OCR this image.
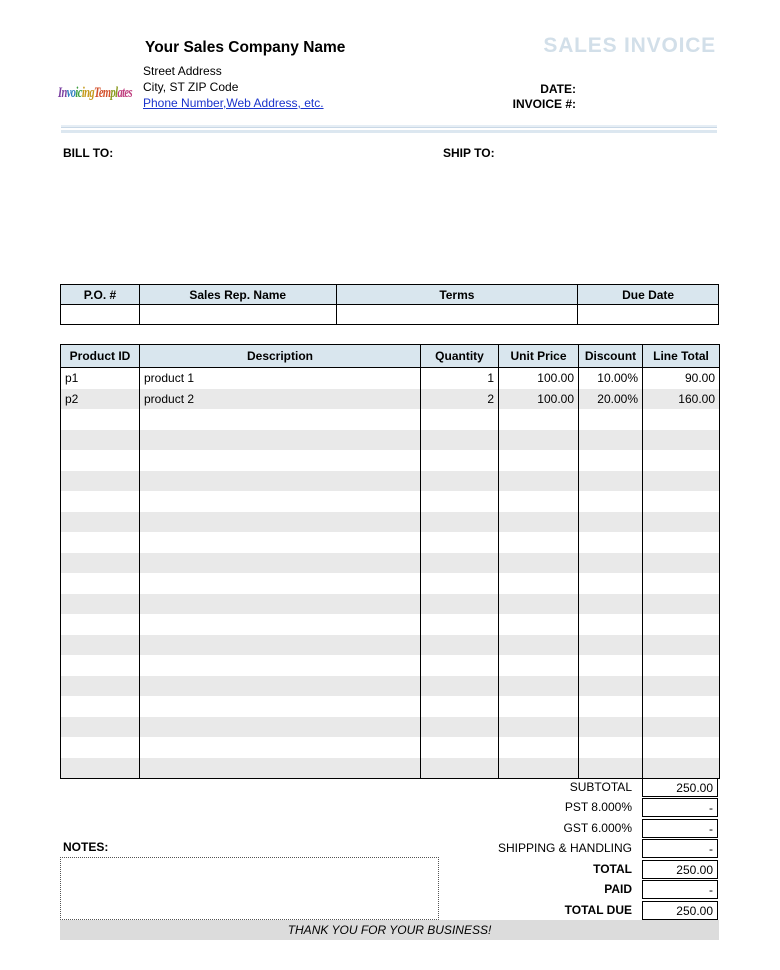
Your Sales Company Name
In vo ic ing Tem pl ates
Street Address
City, ST ZIP Code
Phone Number,Web Address, etc.
SALES INVOICE
DATE:
INVOICE #:
BILL TO:	SHIP TO:
P.O. #	Sales Rep. Name	Terms	Due Date

Product ID	Description	Quantity	Unit Price	Discount	Line Total
p1	product 1	1	100.00	10.00%	90.00
p2	product 2	2	100.00	20.00%	160.00

SUBTOTAL	250.00
PST 8.000%	-
GST 6.000%	-
SHIPPING & HANDLING	-
TOTAL	250.00
PAID	-
TOTAL DUE	250.00
NOTES:
THANK YOU FOR YOUR BUSINESS!
